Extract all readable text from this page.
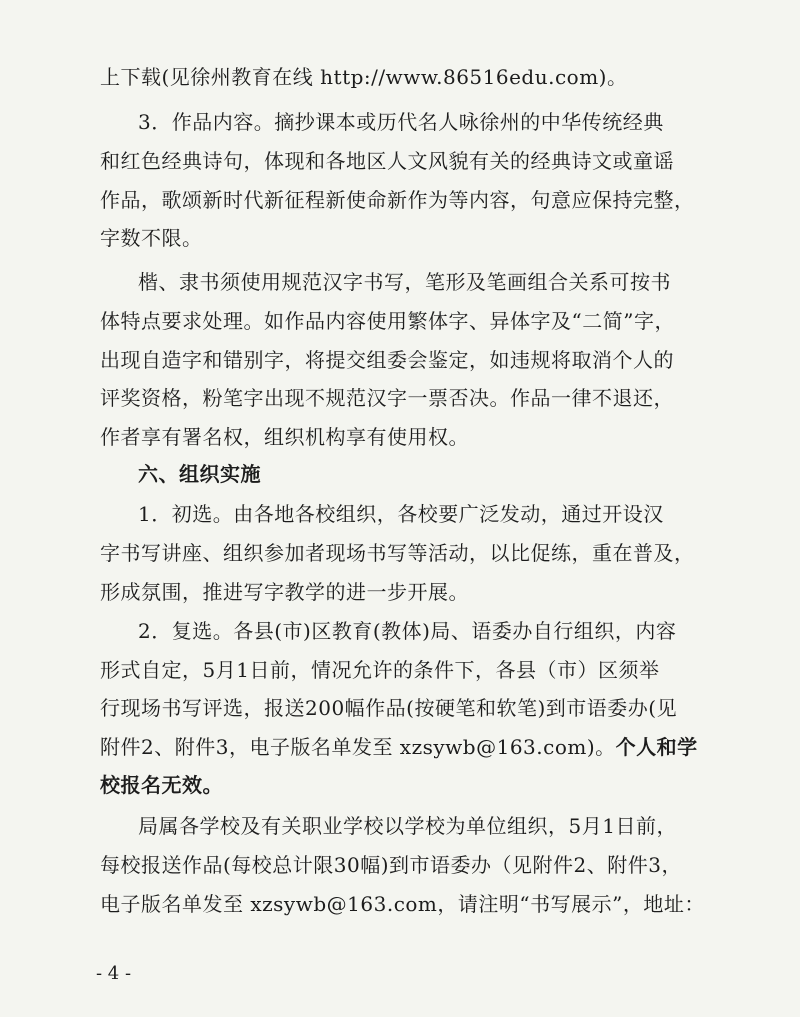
上下载(见徐州教育在线 http://www.86516edu.com)。
3．作品内容。摘抄课本或历代名人咏徐州的中华传统经典
和红色经典诗句，体现和各地区人文风貌有关的经典诗文或童谣
作品，歌颂新时代新征程新使命新作为等内容，句意应保持完整，
字数不限。
楷、隶书须使用规范汉字书写，笔形及笔画组合关系可按书
体特点要求处理。如作品内容使用繁体字、异体字及“二简”字，
出现自造字和错别字，将提交组委会鉴定，如违规将取消个人的
评奖资格，粉笔字出现不规范汉字一票否决。作品一律不退还，
作者享有署名权，组织机构享有使用权。
六、组织实施
1．初选。由各地各校组织，各校要广泛发动，通过开设汉
字书写讲座、组织参加者现场书写等活动，以比促练，重在普及，
形成氛围，推进写字教学的进一步开展。
2．复选。各县(市)区教育(教体)局、语委办自行组织，内容
形式自定，5月1日前，情况允许的条件下，各县（市）区须举
行现场书写评选，报送200幅作品(按硬笔和软笔)到市语委办(见
附件2、附件3，电子版名单发至 xzsywb@163.com)。个人和学
校报名无效。
局属各学校及有关职业学校以学校为单位组织，5月1日前，
每校报送作品(每校总计限30幅)到市语委办（见附件2、附件3，
电子版名单发至 xzsywb@163.com，请注明“书写展示”，地址：
- 4 -
